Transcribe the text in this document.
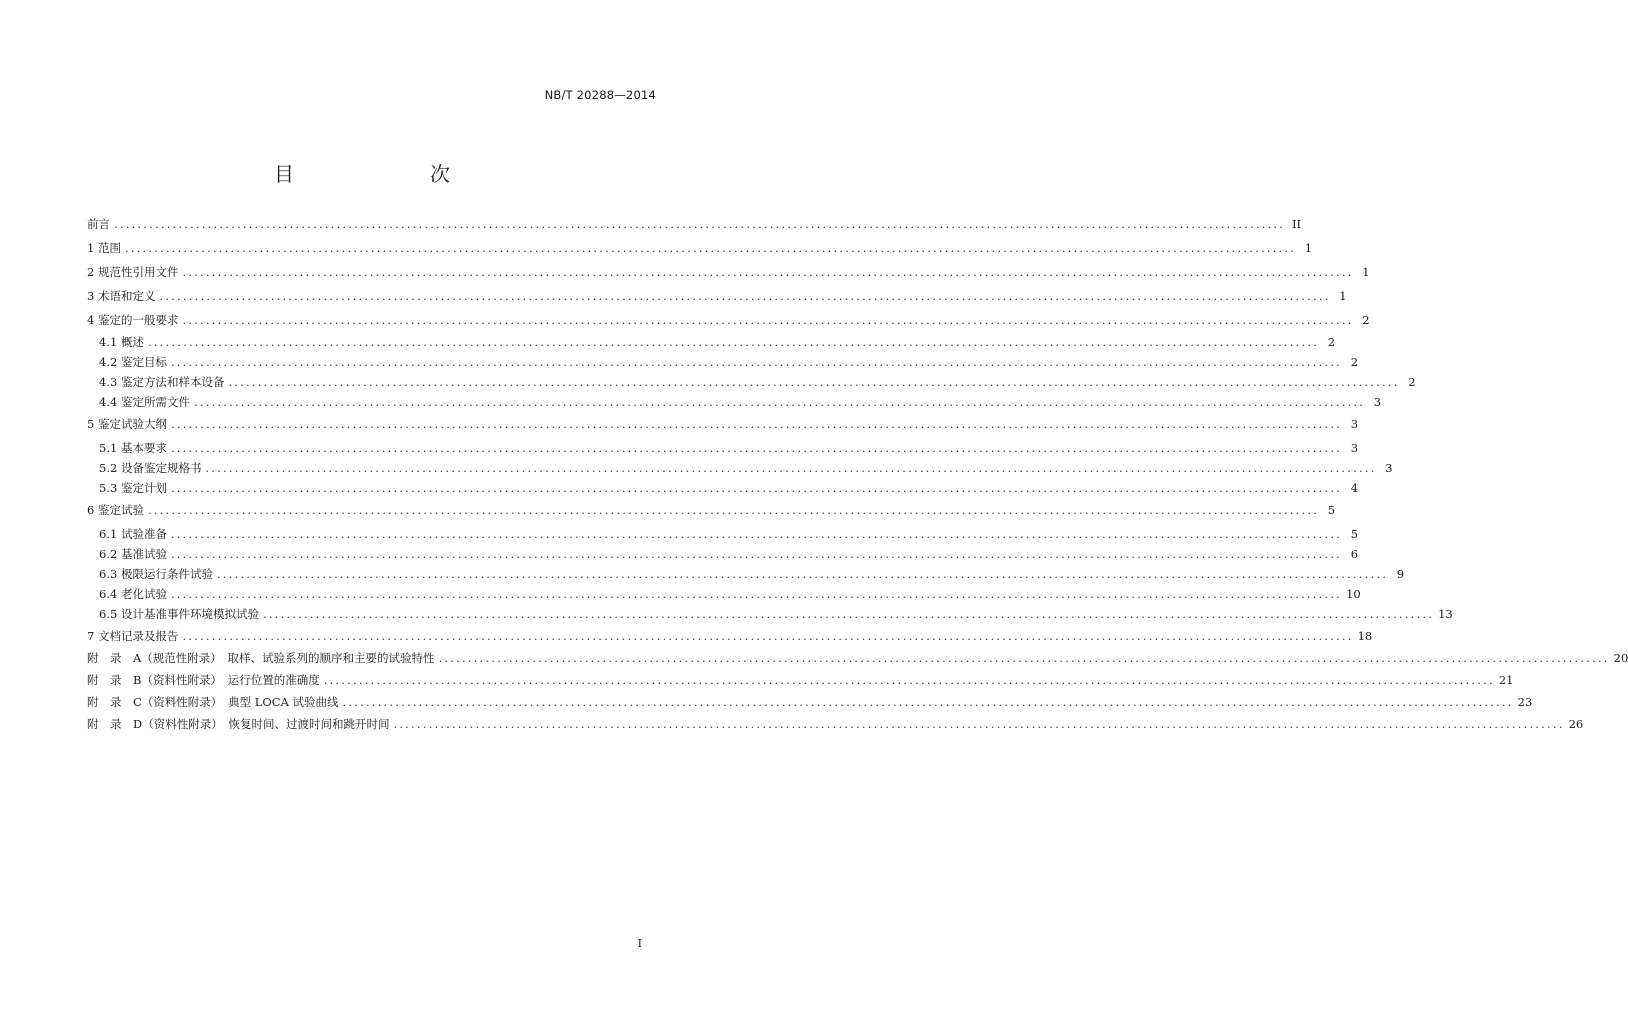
NB/T 20288—2014
目　　次
前言 ........................................................................................................................................................................................................ II
1 范围 ........................................................................................................................................................................................................ 1
2 规范性引用文件 ........................................................................................................................................................................................................ 1
3 术语和定义 ........................................................................................................................................................................................................ 1
4 鉴定的一般要求 ........................................................................................................................................................................................................ 2
4.1 概述 ........................................................................................................................................................................................................ 2
4.2 鉴定目标 ........................................................................................................................................................................................................ 2
4.3 鉴定方法和样本设备 ........................................................................................................................................................................................................ 2
4.4 鉴定所需文件 ........................................................................................................................................................................................................ 3
5 鉴定试验大纲 ........................................................................................................................................................................................................ 3
5.1 基本要求 ........................................................................................................................................................................................................ 3
5.2 设备鉴定规格书 ........................................................................................................................................................................................................ 3
5.3 鉴定计划 ........................................................................................................................................................................................................ 4
6 鉴定试验 ........................................................................................................................................................................................................ 5
6.1 试验准备 ........................................................................................................................................................................................................ 5
6.2 基准试验 ........................................................................................................................................................................................................ 6
6.3 极限运行条件试验 ........................................................................................................................................................................................................ 9
6.4 老化试验 ........................................................................................................................................................................................................ 10
6.5 设计基准事件环境模拟试验 ........................................................................................................................................................................................................ 13
7 文档记录及报告 ........................................................................................................................................................................................................ 18
附　录　A（规范性附录）　取样、试验系列的顺序和主要的试验特性 ........................................................................................................................................................................................................ 20
附　录　B（资料性附录）　运行位置的准确度 ........................................................................................................................................................................................................ 21
附　录　C（资料性附录）　典型 LOCA 试验曲线 ........................................................................................................................................................................................................ 23
附　录　D（资料性附录）　恢复时间、过渡时间和跳开时间 ........................................................................................................................................................................................................ 26
I
